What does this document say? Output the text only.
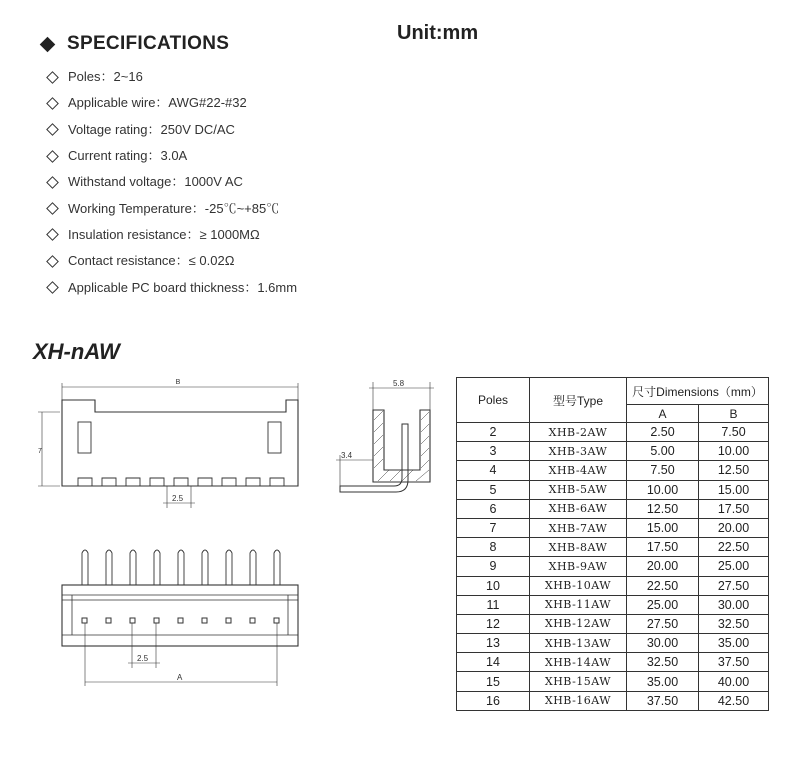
SPECIFICATIONS	Unit:mm
Poles：2~16
Applicable wire：AWG#22-#32
Voltage rating：250V DC/AC
Current rating：3.0A
Withstand voltage：1000V AC
Working Temperature：-25℃~+85℃
Insulation resistance：≥ 1000MΩ
Contact resistance：≤ 0.02Ω
Applicable PC board thickness：1.6mm
XH-nAW
B
7
2.5
5.8
3.4
2.5
A
Poles	型号Type	尺寸Dimensions（mm）	
		A	B
2	XHB-2AW	2.50	7.50
3	XHB-3AW	5.00	10.00
4	XHB-4AW	7.50	12.50
5	XHB-5AW	10.00	15.00
6	XHB-6AW	12.50	17.50
7	XHB-7AW	15.00	20.00
8	XHB-8AW	17.50	22.50
9	XHB-9AW	20.00	25.00
10	XHB-10AW	22.50	27.50
11	XHB-11AW	25.00	30.00
12	XHB-12AW	27.50	32.50
13	XHB-13AW	30.00	35.00
14	XHB-14AW	32.50	37.50
15	XHB-15AW	35.00	40.00
16	XHB-16AW	37.50	42.50
